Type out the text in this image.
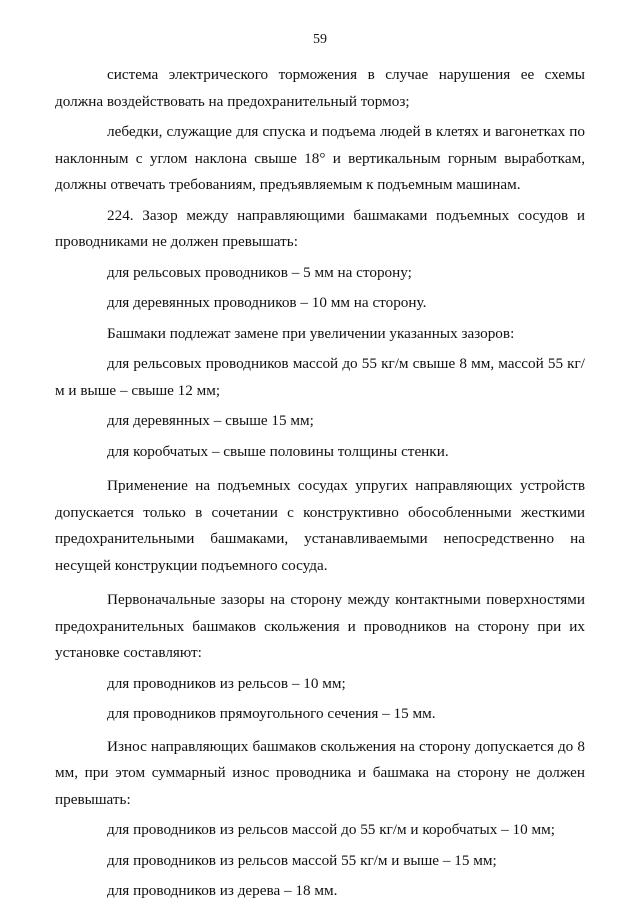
59

система электрического торможения в случае нарушения ее схемы должна воздействовать на предохранительный тормоз;

лебедки, служащие для спуска и подъема людей в клетях и вагонетках по наклонным с углом наклона свыше 18° и вертикальным горным выработкам, должны отвечать требованиям, предъявляемым к подъемным машинам.

224. Зазор между направляющими башмаками подъемных сосудов и проводниками не должен превышать:

для рельсовых проводников – 5 мм на сторону;

для деревянных проводников – 10 мм на сторону.

Башмаки подлежат замене при увеличении указанных зазоров:

для рельсовых проводников массой до 55 кг/м свыше 8 мм, массой 55 кг/м и выше – свыше 12 мм;

для деревянных – свыше 15 мм;

для коробчатых – свыше половины толщины стенки.

Применение на подъемных сосудах упругих направляющих устройств допускается только в сочетании с конструктивно обособленными жесткими предохранительными башмаками, устанавливаемыми непосредственно на несущей конструкции подъемного сосуда.

Первоначальные зазоры на сторону между контактными поверхностями предохранительных башмаков скольжения и проводников на сторону при их установке составляют:

для проводников из рельсов – 10 мм;

для проводников прямоугольного сечения – 15 мм.

Износ направляющих башмаков скольжения на сторону допускается до 8 мм, при этом суммарный износ проводника и башмака на сторону не должен превышать:

для проводников из рельсов массой до 55 кг/м и коробчатых – 10 мм;

для проводников из рельсов массой 55 кг/м и выше – 15 мм;

для проводников из дерева – 18 мм.
